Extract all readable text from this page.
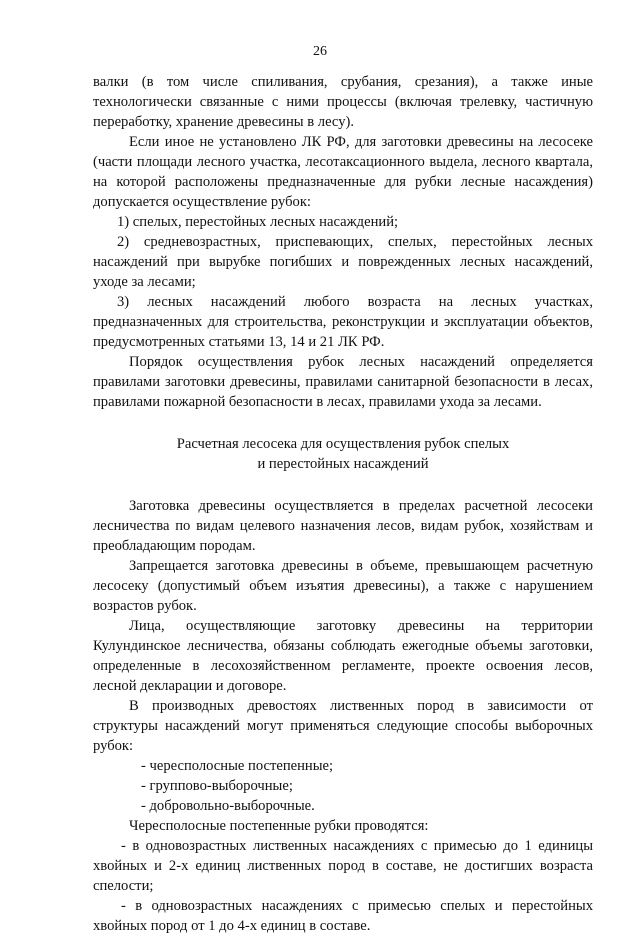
26

валки (в том числе спиливания, срубания, срезания), а также иные технологически связанные с ними процессы (включая трелевку, частичную переработку, хранение древесины в лесу).

Если иное не установлено ЛК РФ, для заготовки древесины на лесосеке (части площади лесного участка, лесотаксационного выдела, лесного квартала, на которой расположены предназначенные для рубки лесные насаждения) допускается осуществление рубок:

1) спелых, перестойных лесных насаждений;

2) средневозрастных, приспевающих, спелых, перестойных лесных насаждений при вырубке погибших и поврежденных лесных насаждений, уходе за лесами;

3) лесных насаждений любого возраста на лесных участках, предназначенных для строительства, реконструкции и эксплуатации объектов, предусмотренных статьями 13, 14 и 21 ЛК РФ.

Порядок осуществления рубок лесных насаждений определяется правилами заготовки древесины, правилами санитарной безопасности в лесах, правилами пожарной безопасности в лесах, правилами ухода за лесами.

Расчетная лесосека для осуществления рубок спелых
и перестойных насаждений

Заготовка древесины осуществляется в пределах расчетной лесосеки лесничества по видам целевого назначения лесов, видам рубок, хозяйствам и преобладающим породам.

Запрещается заготовка древесины в объеме, превышающем расчетную лесосеку (допустимый объем изъятия древесины), а также с нарушением возрастов рубок.

Лица, осуществляющие заготовку древесины на территории Кулундинское лесничества, обязаны соблюдать ежегодные объемы заготовки, определенные в лесохозяйственном регламенте, проекте освоения лесов, лесной декларации и договоре.

В производных древостоях лиственных пород в зависимости от структуры насаждений могут применяться следующие способы выборочных рубок:

- чересполосные постепенные;

- группово-выборочные;

- добровольно-выборочные.

Чересполосные постепенные рубки проводятся:

- в одновозрастных лиственных насаждениях с примесью до 1 единицы хвойных и 2-х единиц лиственных пород в составе, не достигших возраста спелости;

- в одновозрастных насаждениях с примесью спелых и перестойных хвойных пород от 1 до 4-х единиц в составе.
